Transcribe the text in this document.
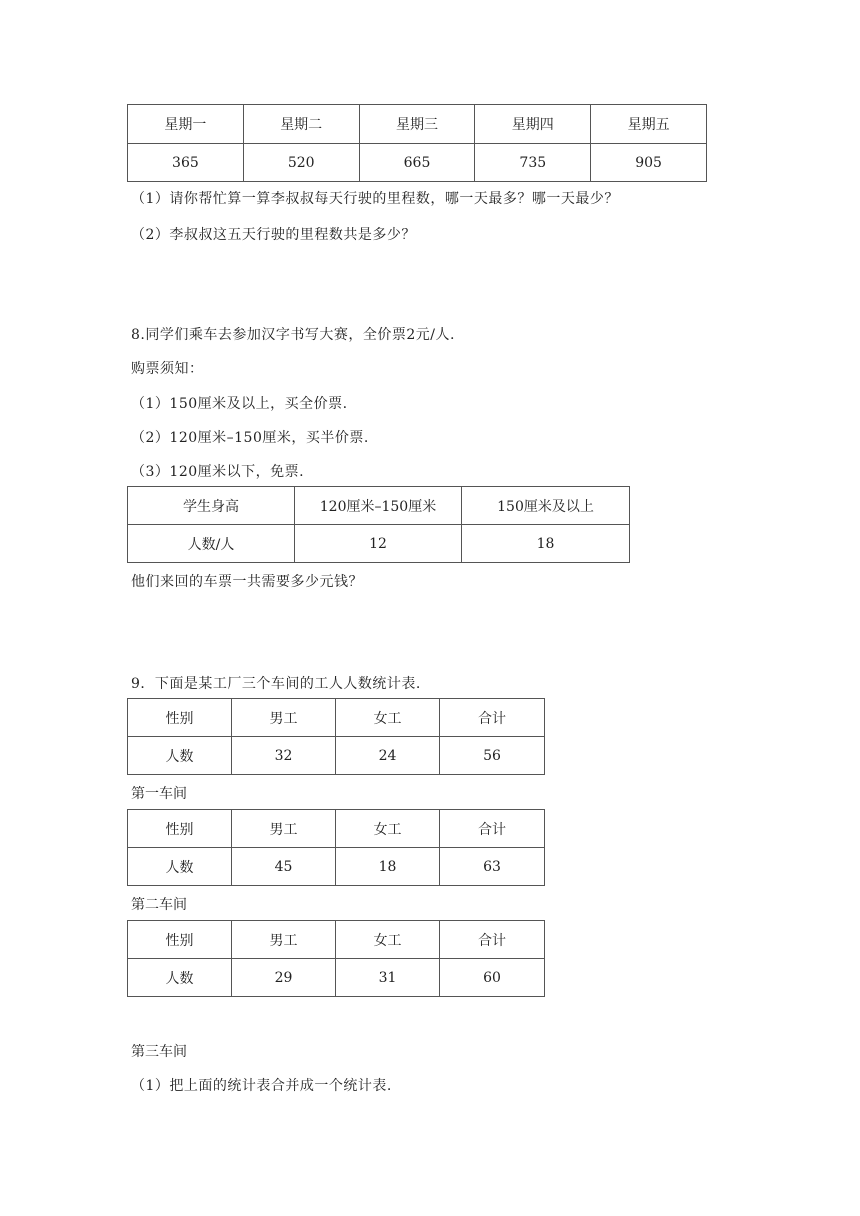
星期一	星期二	星期三	星期四	星期五
365	520	665	735	905
（1）请你帮忙算一算李叔叔每天行驶的里程数，哪一天最多？哪一天最少？
（2）李叔叔这五天行驶的里程数共是多少？
8.同学们乘车去参加汉字书写大赛，全价票2元/人.
购票须知：
（1）150厘米及以上，买全价票.
（2）120厘米–150厘米，买半价票.
（3）120厘米以下，免票.
学生身高	120厘米–150厘米	150厘米及以上
人数/人	12	18
他们来回的车票一共需要多少元钱？
9．下面是某工厂三个车间的工人人数统计表.
性别	男工	女工	合计
人数	32	24	56
第一车间
性别	男工	女工	合计
人数	45	18	63
第二车间
性别	男工	女工	合计
人数	29	31	60
第三车间
（1）把上面的统计表合并成一个统计表.
